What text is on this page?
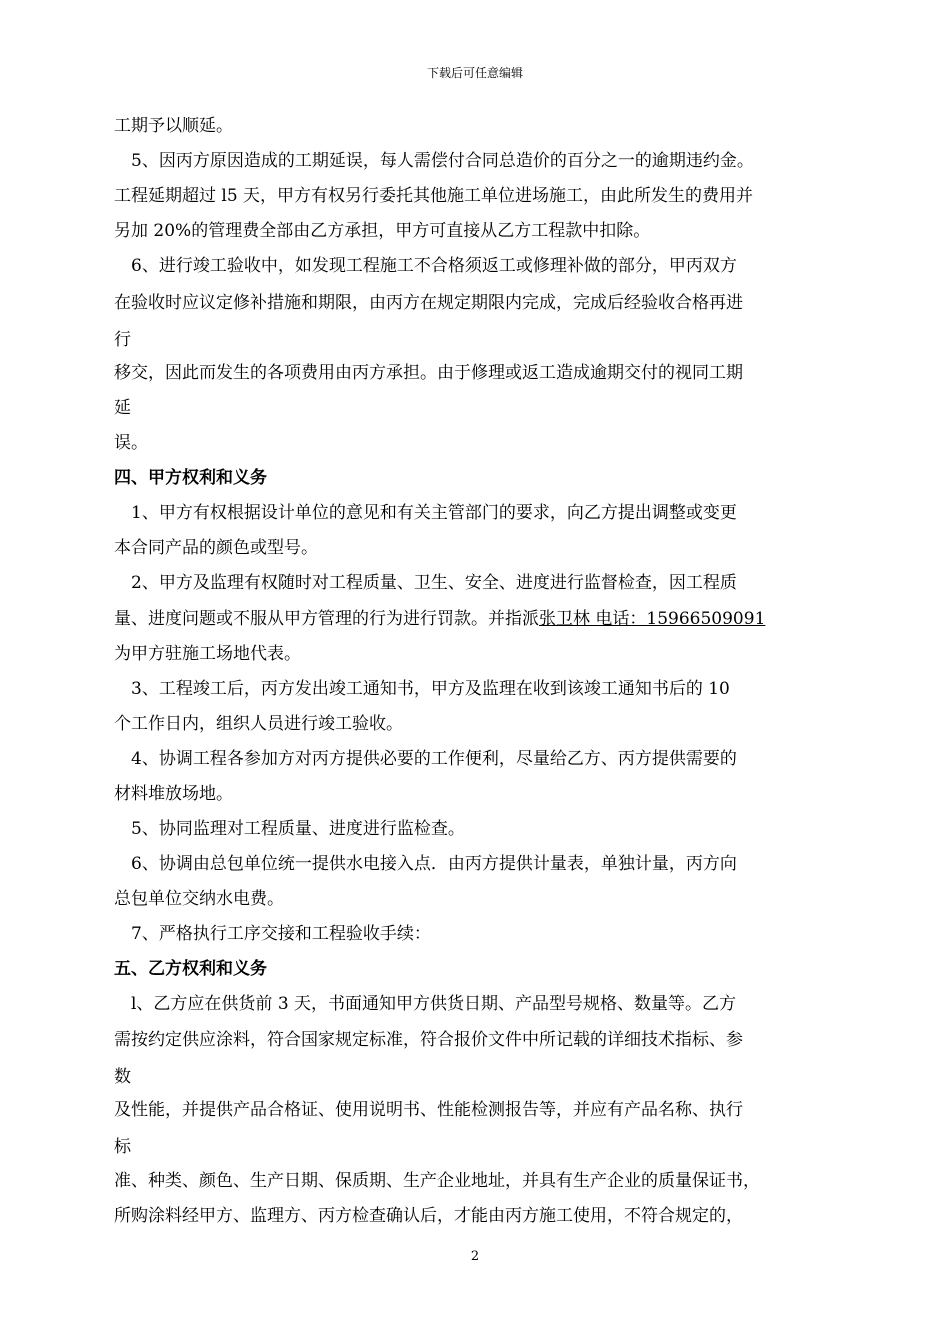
下载后可任意编辑
工期予以顺延。
5、因丙方原因造成的工期延误，每人需偿付合同总造价的百分之一的逾期违约金。
工程延期超过 l5 天，甲方有权另行委托其他施工单位进场施工，由此所发生的费用并
另加 20%的管理费全部由乙方承担，甲方可直接从乙方工程款中扣除。
6、进行竣工验收中，如发现工程施工不合格须返工或修理补做的部分，甲丙双方
在验收时应议定修补措施和期限，由丙方在规定期限内完成，完成后经验收合格再进
行
移交，因此而发生的各项费用由丙方承担。由于修理或返工造成逾期交付的视同工期
延
误。
四、甲方权利和义务
1、甲方有权根据设计单位的意见和有关主管部门的要求，向乙方提出调整或变更
本合同产品的颜色或型号。
2、甲方及监理有权随时对工程质量、卫生、安全、进度进行监督检查，因工程质
量、进度问题或不服从甲方管理的行为进行罚款。并指派张卫林 电话：15966509091
为甲方驻施工场地代表。
3、工程竣工后，丙方发出竣工通知书，甲方及监理在收到该竣工通知书后的 10
个工作日内，组织人员进行竣工验收。
4、协调工程各参加方对丙方提供必要的工作便利，尽量给乙方、丙方提供需要的
材料堆放场地。
5、协同监理对工程质量、进度进行监检查。
6、协调由总包单位统一提供水电接入点．由丙方提供计量表，单独计量，丙方向
总包单位交纳水电费。
7、严格执行工序交接和工程验收手续：
五、乙方权利和义务
l、乙方应在供货前 3 天，书面通知甲方供货日期、产品型号规格、数量等。乙方
需按约定供应涂料，符合国家规定标准，符合报价文件中所记载的详细技术指标、参
数
及性能，并提供产品合格证、使用说明书、性能检测报告等，并应有产品名称、执行
标
准、种类、颜色、生产日期、保质期、生产企业地址，并具有生产企业的质量保证书，
所购涂料经甲方、监理方、丙方检查确认后，才能由丙方施工使用，不符合规定的，
2
